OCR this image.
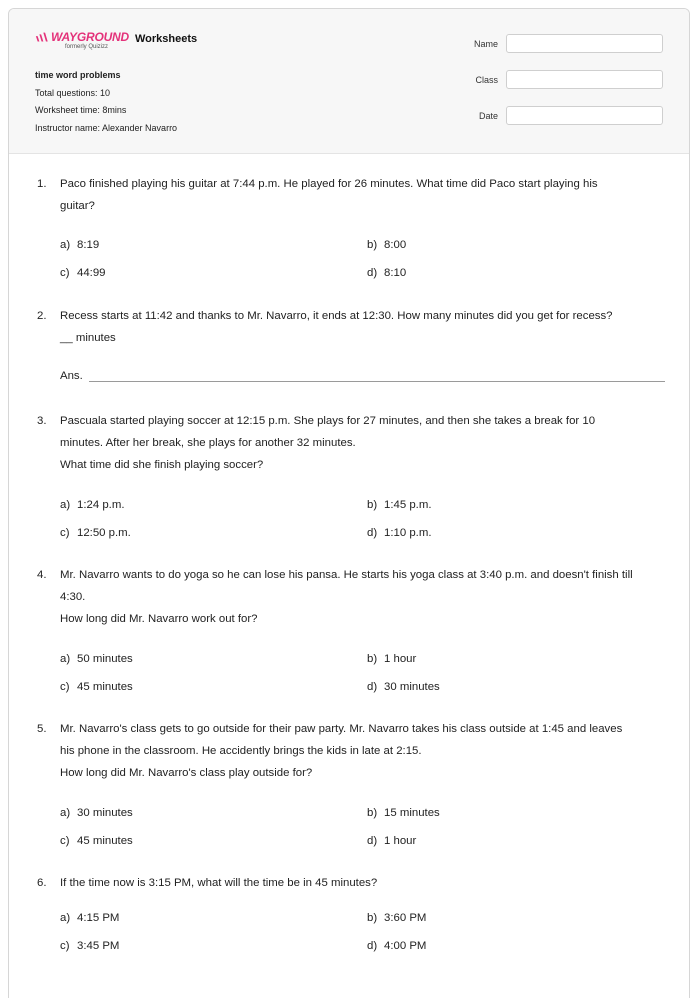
WAYGROUND
formerly Quizizz
Worksheets
time word problems
Total questions: 10
Worksheet time: 8mins
Instructor name: Alexander Navarro
Name
Class
Date
1.	Paco finished playing his guitar at 7:44 p.m. He played for 26 minutes. What time did Paco start playing his
guitar?
a) 8:19	b) 8:00
c) 44:99	d) 8:10
2.	Recess starts at 11:42 and thanks to Mr. Navarro, it ends at 12:30. How many minutes did you get for recess?
__ minutes
Ans.
3.	Pascuala started playing soccer at 12:15 p.m. She plays for 27 minutes, and then she takes a break for 10
minutes. After her break, she plays for another 32 minutes.
What time did she finish playing soccer?
a) 1:24 p.m.	b) 1:45 p.m.
c) 12:50 p.m.	d) 1:10 p.m.
4.	Mr. Navarro wants to do yoga so he can lose his pansa. He starts his yoga class at 3:40 p.m. and doesn't finish till
4:30.
How long did Mr. Navarro work out for?
a) 50 minutes	b) 1 hour
c) 45 minutes	d) 30 minutes
5.	Mr. Navarro's class gets to go outside for their paw party. Mr. Navarro takes his class outside at 1:45 and leaves
his phone in the classroom. He accidently brings the kids in late at 2:15.
How long did Mr. Navarro's class play outside for?
a) 30 minutes	b) 15 minutes
c) 45 minutes	d) 1 hour
6.	If the time now is 3:15 PM, what will the time be in 45 minutes?
a) 4:15 PM	b) 3:60 PM
c) 3:45 PM	d) 4:00 PM
